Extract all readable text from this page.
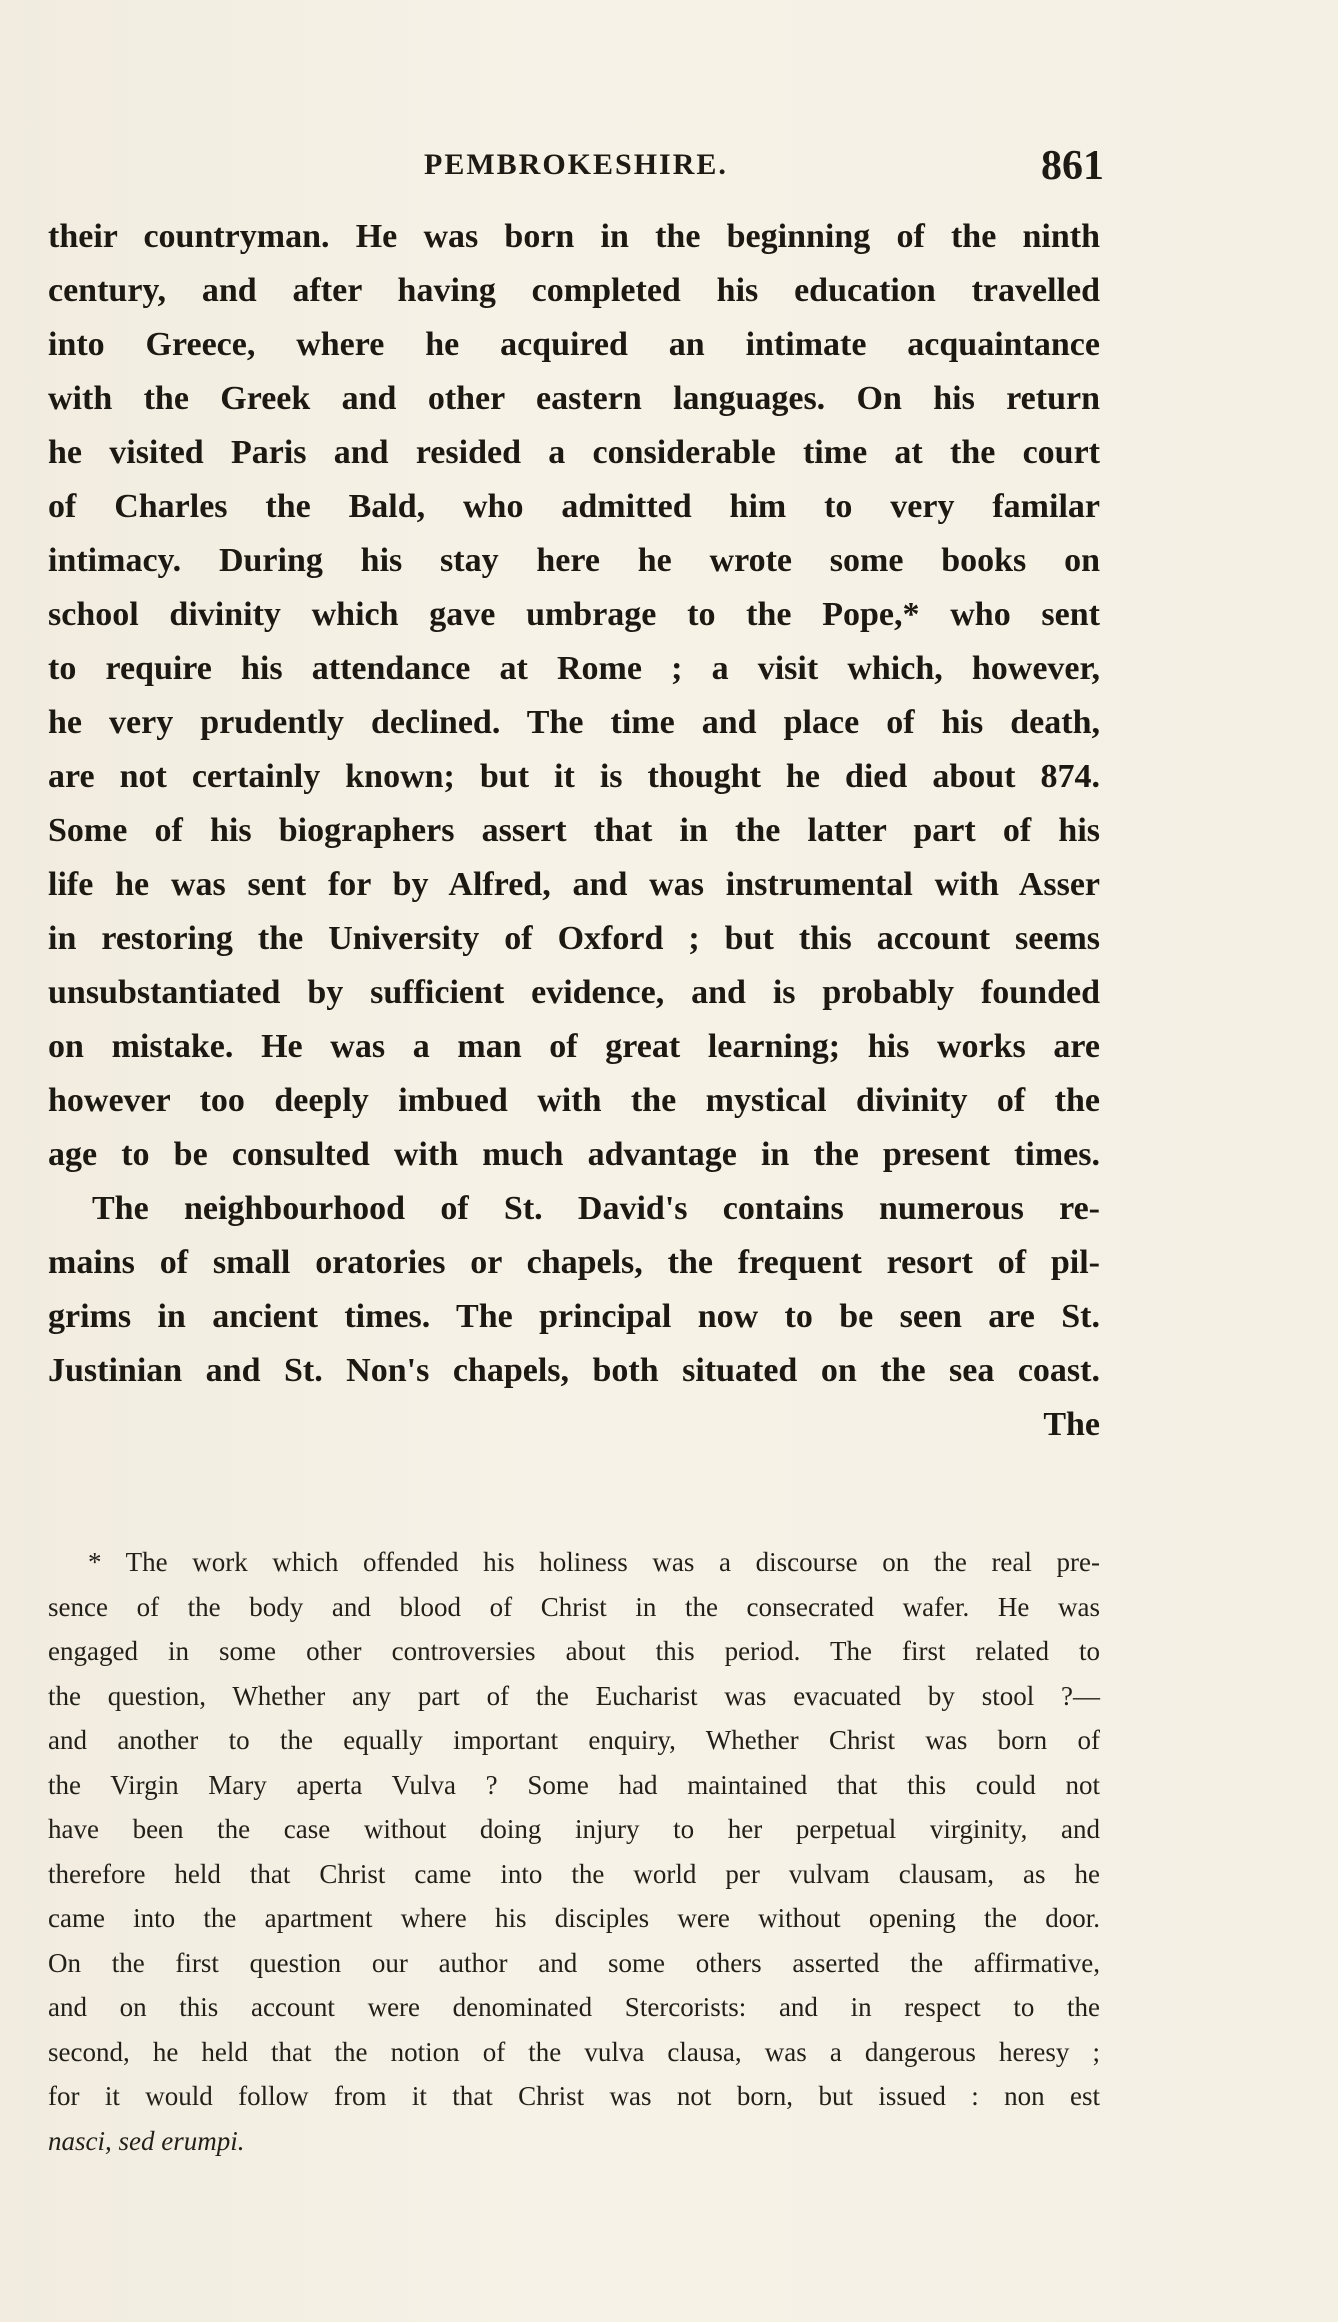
PEMBROKESHIRE.	861
their countryman. He was born in the beginning of the ninth
century, and after having completed his education travelled
into Greece, where he acquired an intimate acquaintance
with the Greek and other eastern languages. On his return
he visited Paris and resided a considerable time at the court
of Charles the Bald, who admitted him to very familar
intimacy. During his stay here he wrote some books on
school divinity which gave umbrage to the Pope,* who sent
to require his attendance at Rome ; a visit which, however,
he very prudently declined. The time and place of his death,
are not certainly known; but it is thought he died about 874.
Some of his biographers assert that in the latter part of his
life he was sent for by Alfred, and was instrumental with Asser
in restoring the University of Oxford ; but this account seems
unsubstantiated by sufficient evidence, and is probably founded
on mistake. He was a man of great learning; his works are
however too deeply imbued with the mystical divinity of the
age to be consulted with much advantage in the present times.
The neighbourhood of St. David's contains numerous re-
mains of small oratories or chapels, the frequent resort of pil-
grims in ancient times. The principal now to be seen are St.
Justinian and St. Non's chapels, both situated on the sea coast.
The
* The work which offended his holiness was a discourse on the real pre-
sence of the body and blood of Christ in the consecrated wafer. He was
engaged in some other controversies about this period. The first related to
the question, Whether any part of the Eucharist was evacuated by stool ?—
and another to the equally important enquiry, Whether Christ was born of
the Virgin Mary aperta Vulva ? Some had maintained that this could not
have been the case without doing injury to her perpetual virginity, and
therefore held that Christ came into the world per vulvam clausam, as he
came into the apartment where his disciples were without opening the door.
On the first question our author and some others asserted the affirmative,
and on this account were denominated Stercorists: and in respect to the
second, he held that the notion of the vulva clausa, was a dangerous heresy ;
for it would follow from it that Christ was not born, but issued : non est
nasci, sed erumpi.
